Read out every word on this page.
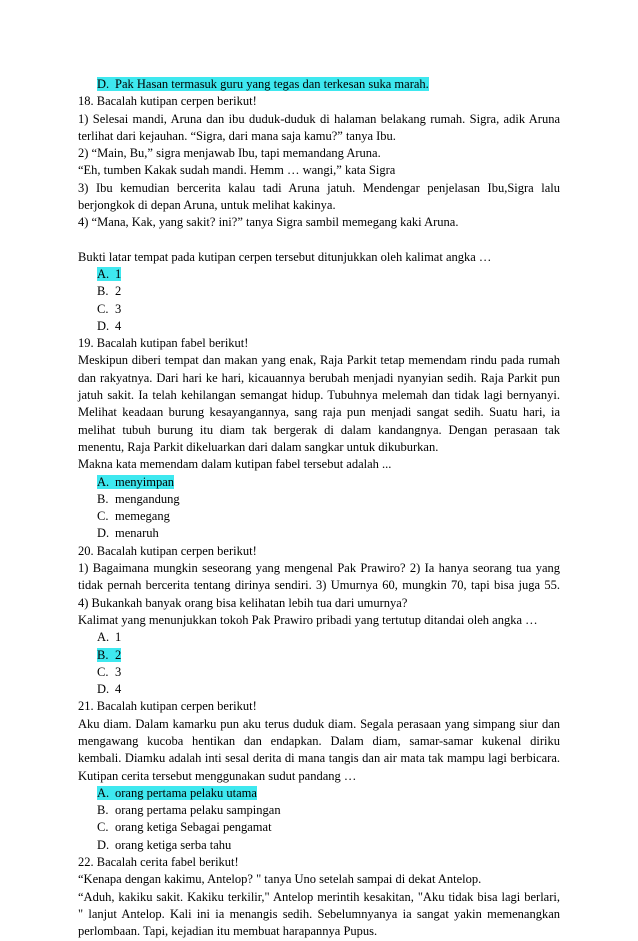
D. Pak Hasan termasuk guru yang tegas dan terkesan suka marah.
18. Bacalah kutipan cerpen berikut!
1) Selesai mandi, Aruna dan ibu duduk-duduk di halaman belakang rumah. Sigra, adik Aruna
terlihat dari kejauhan. “Sigra, dari mana saja kamu?” tanya Ibu.
2) “Main, Bu,” sigra menjawab Ibu, tapi memandang Aruna.
“Eh, tumben Kakak sudah mandi. Hemm … wangi,” kata Sigra
3) Ibu kemudian bercerita kalau tadi Aruna jatuh. Mendengar penjelasan Ibu,Sigra lalu
berjongkok di depan Aruna, untuk melihat kakinya.
4) “Mana, Kak, yang sakit? ini?” tanya Sigra sambil memegang kaki Aruna.
Bukti latar tempat pada kutipan cerpen tersebut ditunjukkan oleh kalimat angka …
A. 1
B. 2
C. 3
D. 4
19. Bacalah kutipan fabel berikut!
Meskipun diberi tempat dan makan yang enak, Raja Parkit tetap memendam rindu pada rumah
dan rakyatnya. Dari hari ke hari, kicauannya berubah menjadi nyanyian sedih. Raja Parkit pun
jatuh sakit. Ia telah kehilangan semangat hidup. Tubuhnya melemah dan tidak lagi bernyanyi.
Melihat keadaan burung kesayangannya, sang raja pun menjadi sangat sedih. Suatu hari, ia
melihat tubuh burung itu diam tak bergerak di dalam kandangnya. Dengan perasaan tak
menentu, Raja Parkit dikeluarkan dari dalam sangkar untuk dikuburkan.
Makna kata memendam dalam kutipan fabel tersebut adalah ...
A. menyimpan
B. mengandung
C. memegang
D. menaruh
20. Bacalah kutipan cerpen berikut!
1) Bagaimana mungkin seseorang yang mengenal Pak Prawiro? 2) Ia hanya seorang tua yang
tidak pernah bercerita tentang dirinya sendiri. 3) Umurnya 60, mungkin 70, tapi bisa juga 55.
4) Bukankah banyak orang bisa kelihatan lebih tua dari umurnya?
Kalimat yang menunjukkan tokoh Pak Prawiro pribadi yang tertutup ditandai oleh angka …
A. 1
B. 2
C. 3
D. 4
21. Bacalah kutipan cerpen berikut!
Aku diam. Dalam kamarku pun aku terus duduk diam. Segala perasaan yang simpang siur dan
mengawang kucoba hentikan dan endapkan. Dalam diam, samar-samar kukenal diriku
kembali. Diamku adalah inti sesal derita di mana tangis dan air mata tak mampu lagi berbicara.
Kutipan cerita tersebut menggunakan sudut pandang …
A. orang pertama pelaku utama
B. orang pertama pelaku sampingan
C. orang ketiga Sebagai pengamat
D. orang ketiga serba tahu
22. Bacalah cerita fabel berikut!
“Kenapa dengan kakimu, Antelop? " tanya Uno setelah sampai di dekat Antelop.
“Aduh, kakiku sakit. Kakiku terkilir," Antelop merintih kesakitan, "Aku tidak bisa lagi berlari,
" lanjut Antelop. Kali ini ia menangis sedih. Sebelumnyanya ia sangat yakin memenangkan
perlombaan. Tapi, kejadian itu membuat harapannya Pupus.
